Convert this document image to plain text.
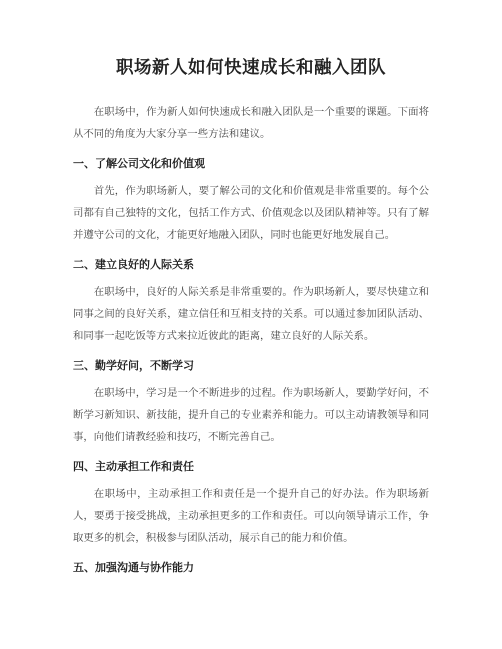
职场新人如何快速成长和融入团队

在职场中，作为新人如何快速成长和融入团队是一个重要的课题。下面将从不同的角度为大家分享一些方法和建议。

一、了解公司文化和价值观

首先，作为职场新人，要了解公司的文化和价值观是非常重要的。每个公司都有自己独特的文化，包括工作方式、价值观念以及团队精神等。只有了解并遵守公司的文化，才能更好地融入团队，同时也能更好地发展自己。

二、建立良好的人际关系

在职场中，良好的人际关系是非常重要的。作为职场新人，要尽快建立和同事之间的良好关系，建立信任和互相支持的关系。可以通过参加团队活动、和同事一起吃饭等方式来拉近彼此的距离，建立良好的人际关系。

三、勤学好问，不断学习

在职场中，学习是一个不断进步的过程。作为职场新人，要勤学好问，不断学习新知识、新技能，提升自己的专业素养和能力。可以主动请教领导和同事，向他们请教经验和技巧，不断完善自己。

四、主动承担工作和责任

在职场中，主动承担工作和责任是一个提升自己的好办法。作为职场新人，要勇于接受挑战，主动承担更多的工作和责任。可以向领导请示工作，争取更多的机会，积极参与团队活动，展示自己的能力和价值。

五、加强沟通与协作能力
